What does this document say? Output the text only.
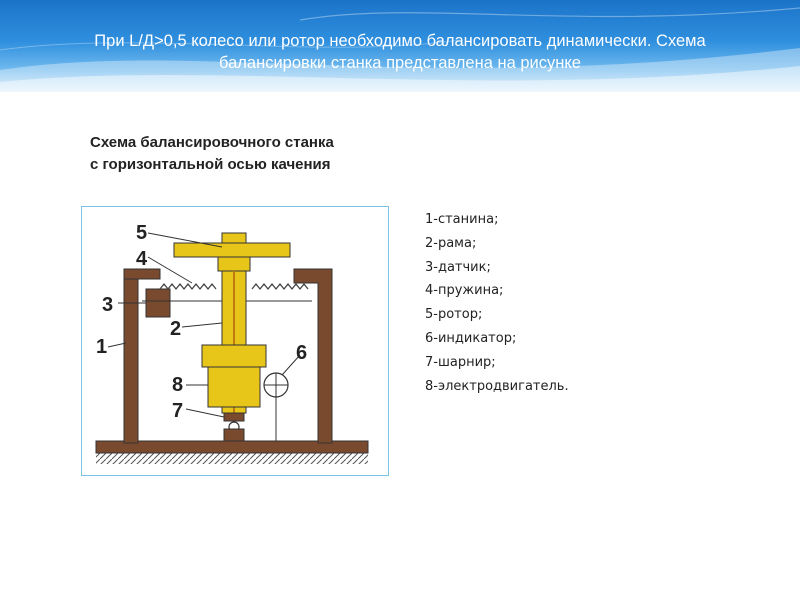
При L/Д>0,5 колесо или ротор необходимо балансировать динамически. Схема
балансировки станка представлена на рисунке
Схема балансировочного станка
с горизонтальной осью качения
5
4
3
2
1	6
8
7
1-станина;
2-рама;
3-датчик;
4-пружина;
5-ротор;
6-индикатор;
7-шарнир;
8-электродвигатель.
